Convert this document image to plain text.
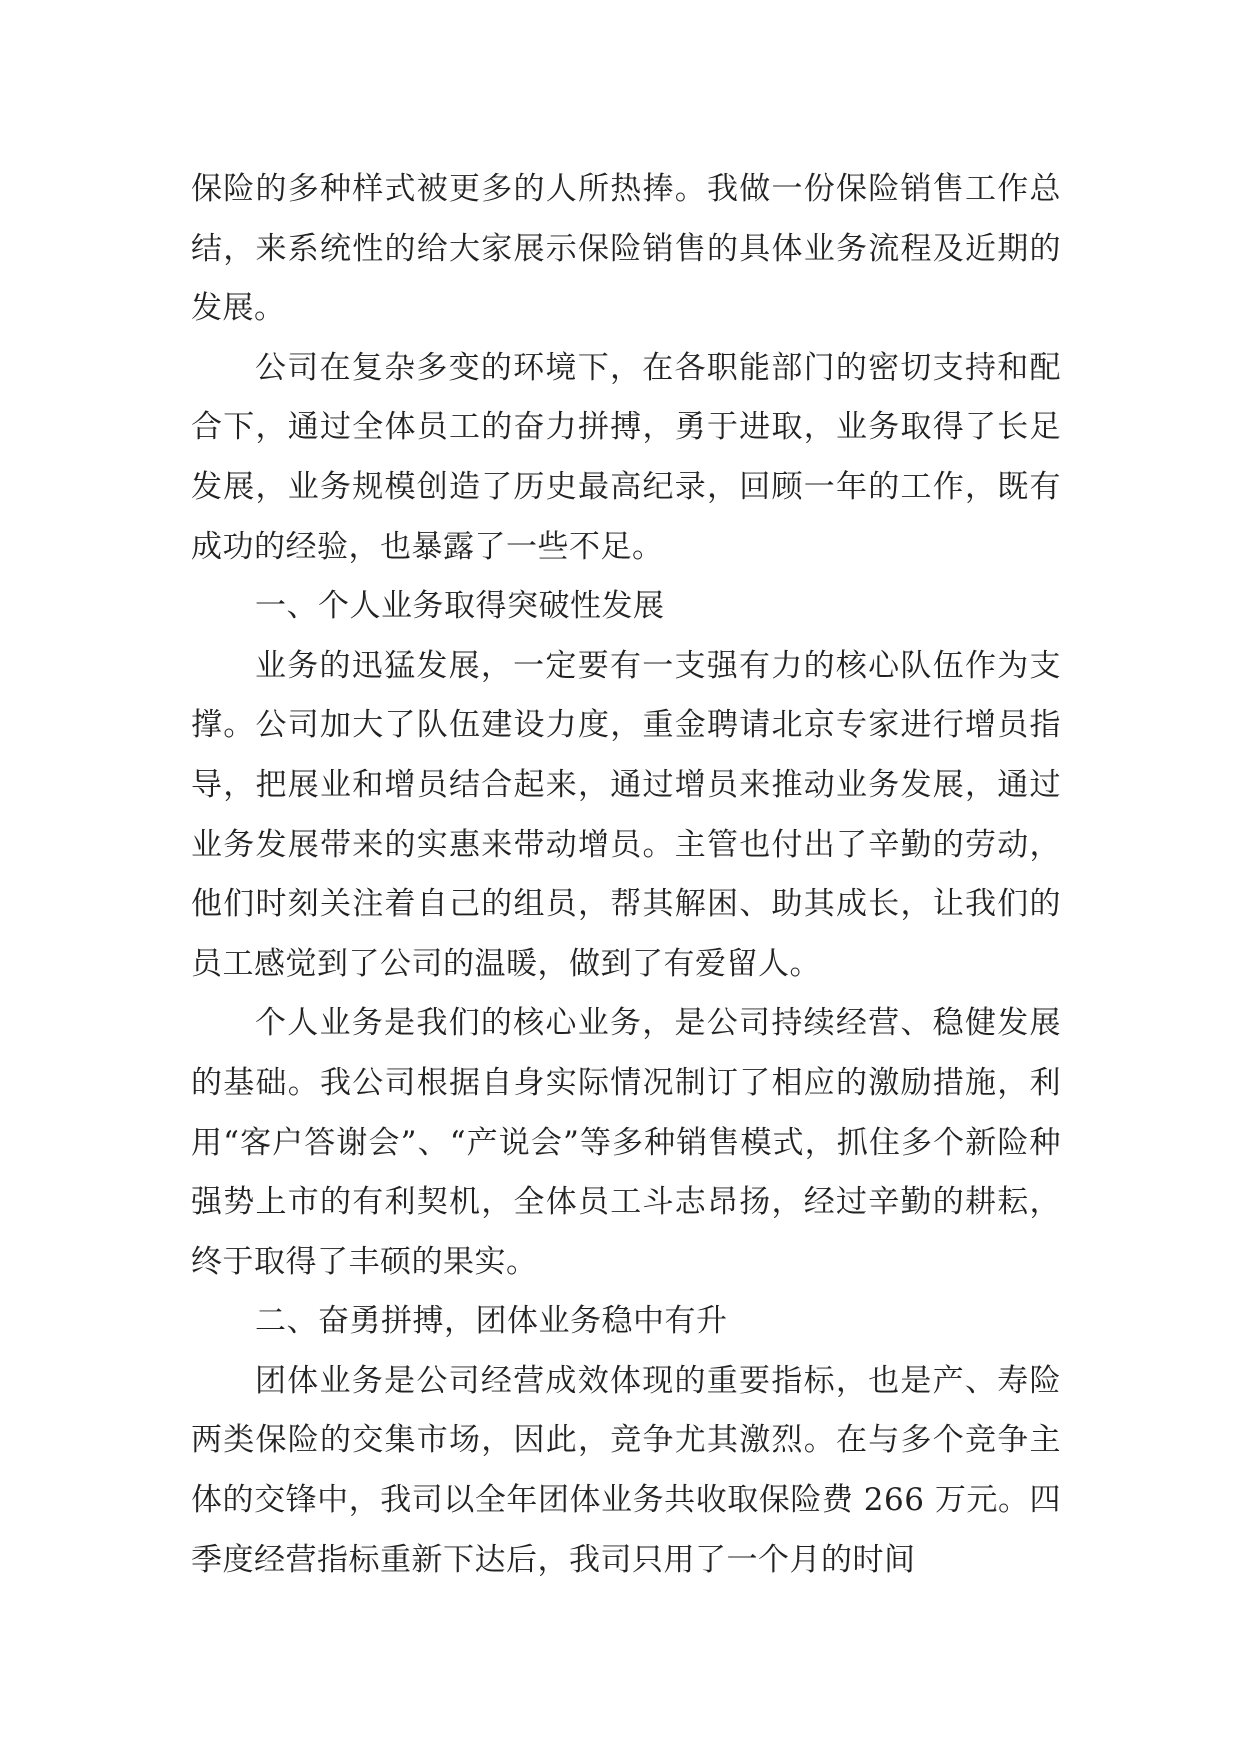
保险的多种样式被更多的人所热捧。我做一份保险销售工作总结，来系统性的给大家展示保险销售的具体业务流程及近期的发展。

公司在复杂多变的环境下，在各职能部门的密切支持和配合下，通过全体员工的奋力拼搏，勇于进取，业务取得了长足发展，业务规模创造了历史最高纪录，回顾一年的工作，既有成功的经验，也暴露了一些不足。

一、个人业务取得突破性发展

业务的迅猛发展，一定要有一支强有力的核心队伍作为支撑。公司加大了队伍建设力度，重金聘请北京专家进行增员指导，把展业和增员结合起来，通过增员来推动业务发展，通过业务发展带来的实惠来带动增员。主管也付出了辛勤的劳动，他们时刻关注着自己的组员，帮其解困、助其成长，让我们的员工感觉到了公司的温暖，做到了有爱留人。

个人业务是我们的核心业务，是公司持续经营、稳健发展的基础。我公司根据自身实际情况制订了相应的激励措施，利用“客户答谢会”、“产说会”等多种销售模式，抓住多个新险种强势上市的有利契机，全体员工斗志昂扬，经过辛勤的耕耘，终于取得了丰硕的果实。

二、奋勇拼搏，团体业务稳中有升

团体业务是公司经营成效体现的重要指标，也是产、寿险两类保险的交集市场，因此，竞争尤其激烈。在与多个竞争主体的交锋中，我司以全年团体业务共收取保险费 266 万元。四季度经营指标重新下达后，我司只用了一个月的时间
